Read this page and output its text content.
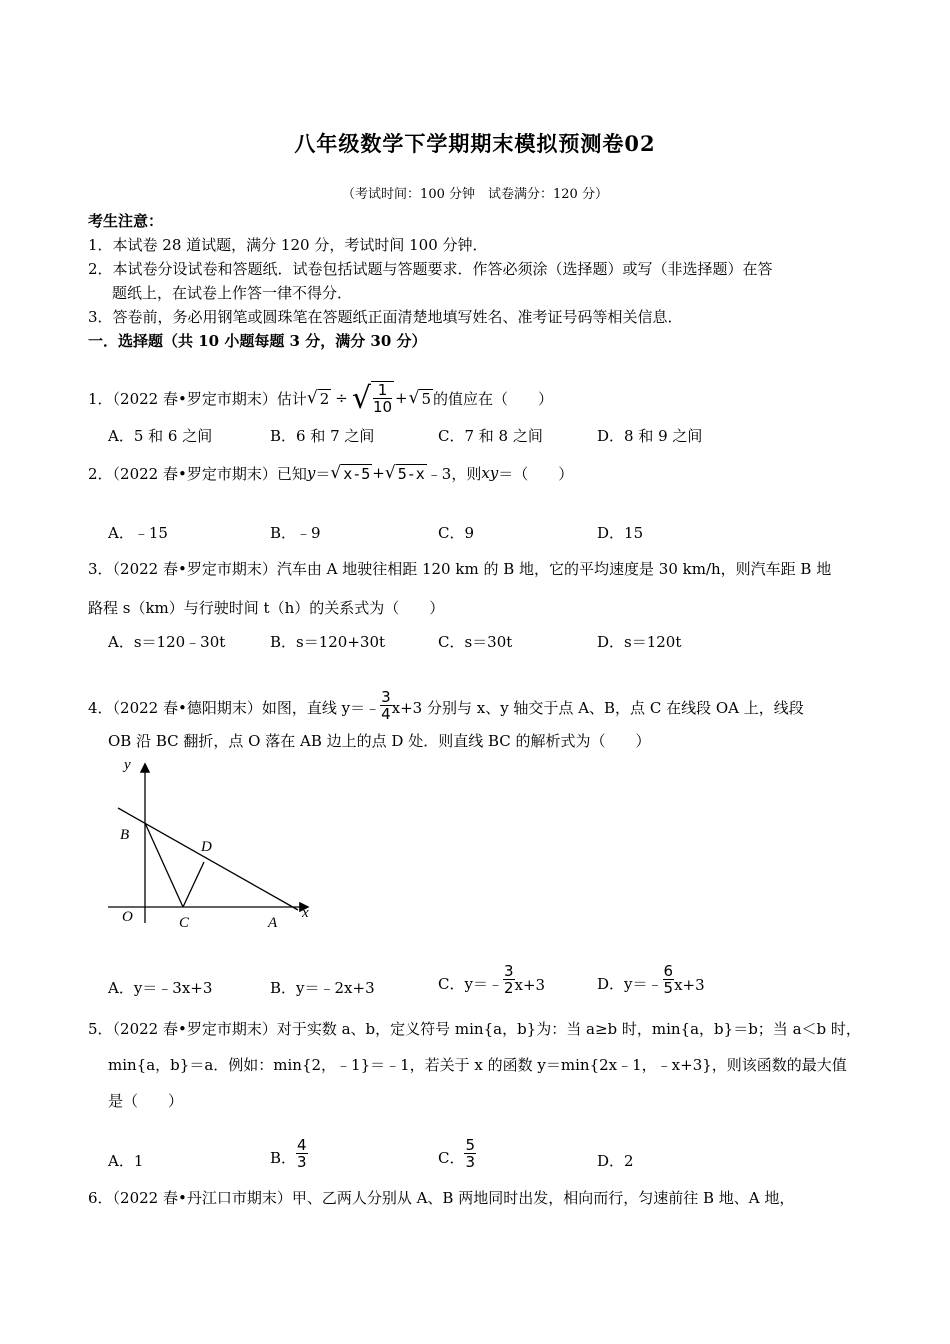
八年级数学下学期期末模拟预测卷02
（考试时间：100 分钟　试卷满分：120 分）
考生注意：
1．本试卷 28 道试题，满分 120 分，考试时间 100 分钟．
2．本试卷分设试卷和答题纸．试卷包括试题与答题要求．作答必须涂（选择题）或写（非选择题）在答
题纸上，在试卷上作答一律不得分．
3．答卷前，务必用钢笔或圆珠笔在答题纸正面清楚地填写姓名、准考证号码等相关信息．
一．选择题（共 10 小题每题 3 分，满分 30 分）
1．（2022 春•罗定市期末）估计 √ 2 ÷ √ $\frac{1}{10}$ + √ 5 的值应在（　　）
A．5 和 6 之间	B．6 和 7 之间	C．7 和 8 之间	D．8 和 9 之间
2．（2022 春•罗定市期末）已知 y ＝ √ x-5 + √ 5-x ﹣3，则 xy ＝（　　）
A．﹣15	B．﹣9	C．9	D．15
3．（2022 春•罗定市期末）汽车由 A 地驶往相距 120 km 的 B 地，它的平均速度是 30 km/h，则汽车距 B 地
路程 s（km）与行驶时间 t（h）的关系式为（　　）
A．s＝120﹣30t	B．s＝120+30t	C．s＝30t	D．s＝120t
4．（2022 春•德阳期末）如图，直线 y＝﹣ $\frac{3}{4} x+3$ 分别与 x、y 轴交于点 A、B，点 C 在线段 OA 上，线段
OB 沿 BC 翻折，点 O 落在 AB 边上的点 D 处．则直线 BC 的解析式为（　　）
y
x
O
B
C
D
A
A．y＝﹣3x+3	B．y＝﹣2x+3	C．y＝﹣ $\frac{3}{2} x+3$	D．y＝﹣ $\frac{6}{5} x+3$
5．（2022 春•罗定市期末）对于实数 a、b，定义符号 min{a，b}为：当 a≥b 时，min{a，b}＝b；当 a＜b 时，
min{a，b}＝a．例如：min{2，﹣1}＝﹣1，若关于 x 的函数 y＝min{2x﹣1，﹣x+3}，则该函数的最大值
是（　　）
A．1	B． $\frac{4}{3}$	C． $\frac{5}{3}$	D．2
6．（2022 春•丹江口市期末）甲、乙两人分别从 A、B 两地同时出发，相向而行，匀速前往 B 地、A 地，
